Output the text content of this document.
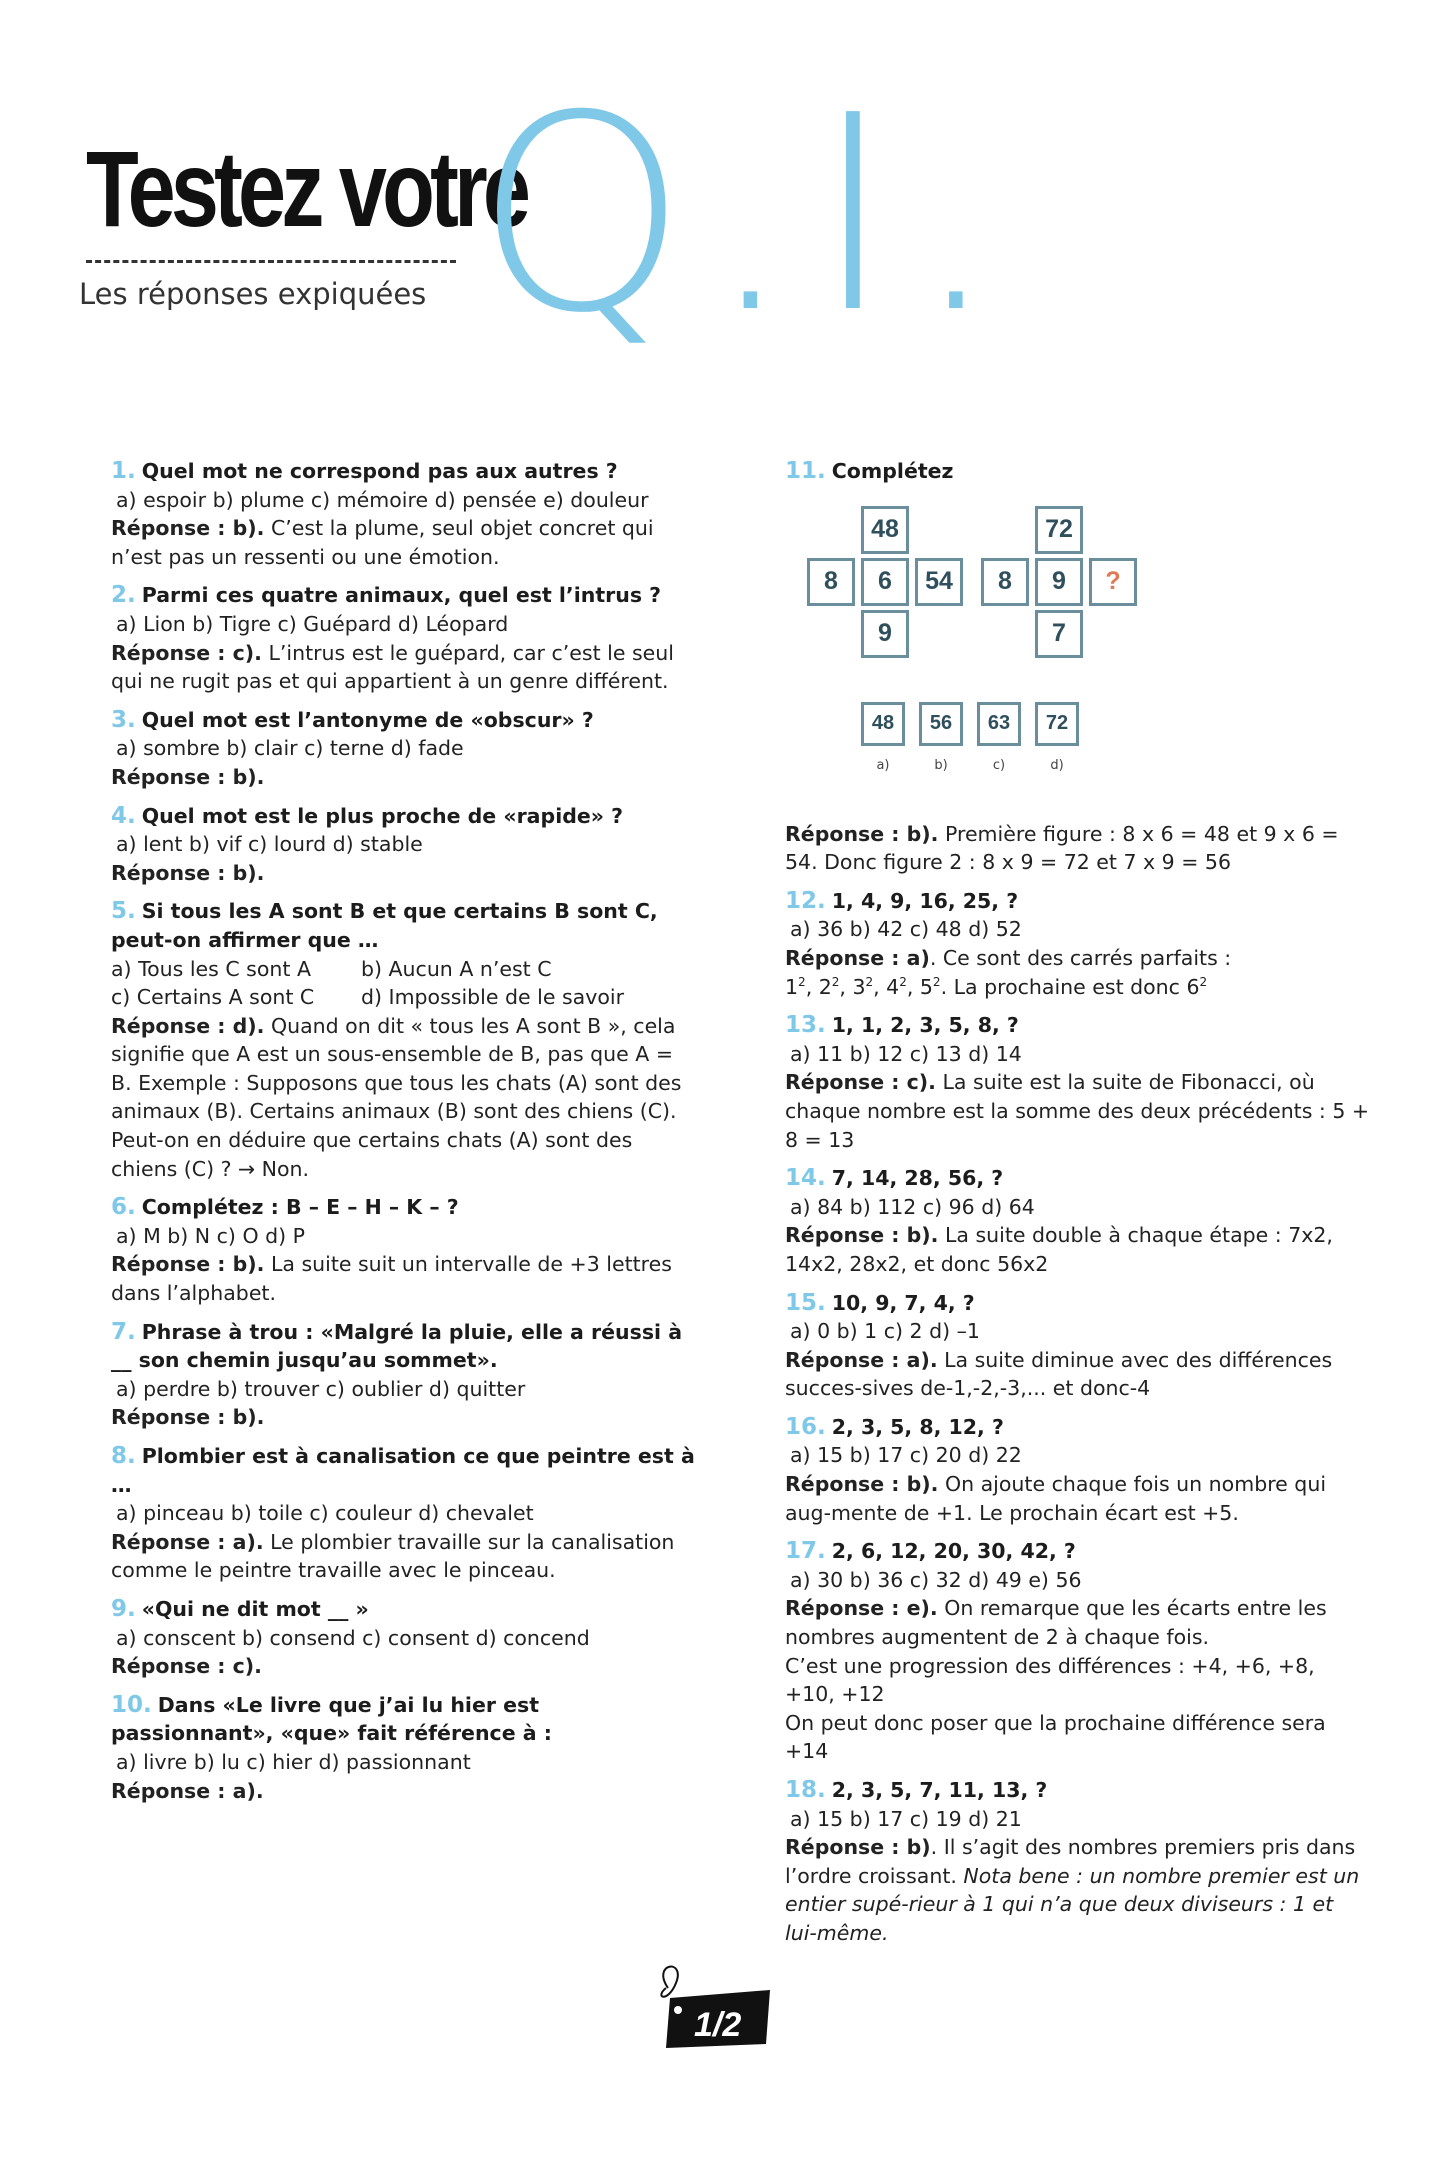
Testez votre
Les réponses expiquées Q.I.
1. Quel mot ne correspond pas aux autres ?
a) espoir b) plume c) mémoire d) pensée e) douleur
Réponse : b). C’est la plume, seul objet concret qui n’est pas un ressenti ou une émotion.
2. Parmi ces quatre animaux, quel est l’intrus ?
a) Lion b) Tigre c) Guépard d) Léopard
Réponse : c). L’intrus est le guépard, car c’est le seul qui ne rugit pas et qui appartient à un genre différent.
3. Quel mot est l’antonyme de «obscur» ?
a) sombre b) clair c) terne d) fade
Réponse : b).
4. Quel mot est le plus proche de «rapide» ?
a) lent b) vif c) lourd d) stable
Réponse : b).
5. Si tous les A sont B et que certains B sont C, peut-on affirmer que …
a) Tous les C sont A	b) Aucun A n’est C
c) Certains A sont C	d) Impossible de le savoir
Réponse : d). Quand on dit « tous les A sont B », cela signifie que A est un sous-ensemble de B, pas que A = B. Exemple : Supposons que tous les chats (A) sont des animaux (B). Certains animaux (B) sont des chiens (C).
Peut-on en déduire que certains chats (A) sont des chiens (C) ? → Non.
6. Complétez : B – E – H – K – ?
a) M b) N c) O d) P
Réponse : b). La suite suit un intervalle de +3 lettres dans l’alphabet.
7. Phrase à trou : «Malgré la pluie, elle a réussi à __ son chemin jusqu’au sommet».
a) perdre b) trouver c) oublier d) quitter
Réponse : b).
8. Plombier est à canalisation ce que peintre est à …
a) pinceau b) toile c) couleur d) chevalet
Réponse : a). Le plombier travaille sur la canalisation comme le peintre travaille avec le pinceau.
9. «Qui ne dit mot __ »
a) conscent b) consend c) consent d) concend
Réponse : c).
10. Dans «Le livre que j’ai lu hier est passionnant», «que» fait référence à :
a) livre b) lu c) hier d) passionnant
Réponse : a).
11. Complétez
48
8	6	54
9
72
8	9	?
7
48
a)
56
b)
63
c)
72
d)
Réponse : b). Première figure : 8 x 6 = 48 et 9 x 6 = 54. Donc figure 2 : 8 x 9 = 72 et 7 x 9 = 56
12. 1, 4, 9, 16, 25, ?
a) 36 b) 42 c) 48 d) 52
Réponse : a). Ce sont des carrés parfaits :
$1^2$, $2^2$, $3^2$, $4^2$, $5^2$. La prochaine est donc $6^2$
13. 1, 1, 2, 3, 5, 8, ?
a) 11 b) 12 c) 13 d) 14
Réponse : c). La suite est la suite de Fibonacci, où chaque nombre est la somme des deux précédents : 5 + 8 = 13
14. 7, 14, 28, 56, ?
a) 84 b) 112 c) 96 d) 64
Réponse : b). La suite double à chaque étape : 7x2, 14x2, 28x2, et donc 56x2
15. 10, 9, 7, 4, ?
a) 0 b) 1 c) 2 d) –1
Réponse : a). La suite diminue avec des différences succes-sives de-1,-2,-3,... et donc-4
16. 2, 3, 5, 8, 12, ?
a) 15 b) 17 c) 20 d) 22
Réponse : b). On ajoute chaque fois un nombre qui aug-mente de +1. Le prochain écart est +5.
17. 2, 6, 12, 20, 30, 42, ?
a) 30 b) 36 c) 32 d) 49 e) 56
Réponse : e). On remarque que les écarts entre les nombres augmentent de 2 à chaque fois.
C’est une progression des différences : +4, +6, +8, +10, +12
On peut donc poser que la prochaine différence sera +14
18. 2, 3, 5, 7, 11, 13, ?
a) 15 b) 17 c) 19 d) 21
Réponse : b). Il s’agit des nombres premiers pris dans l’ordre croissant. Nota bene : un nombre premier est un entier supé-rieur à 1 qui n’a que deux diviseurs : 1 et lui-même.
1/2
